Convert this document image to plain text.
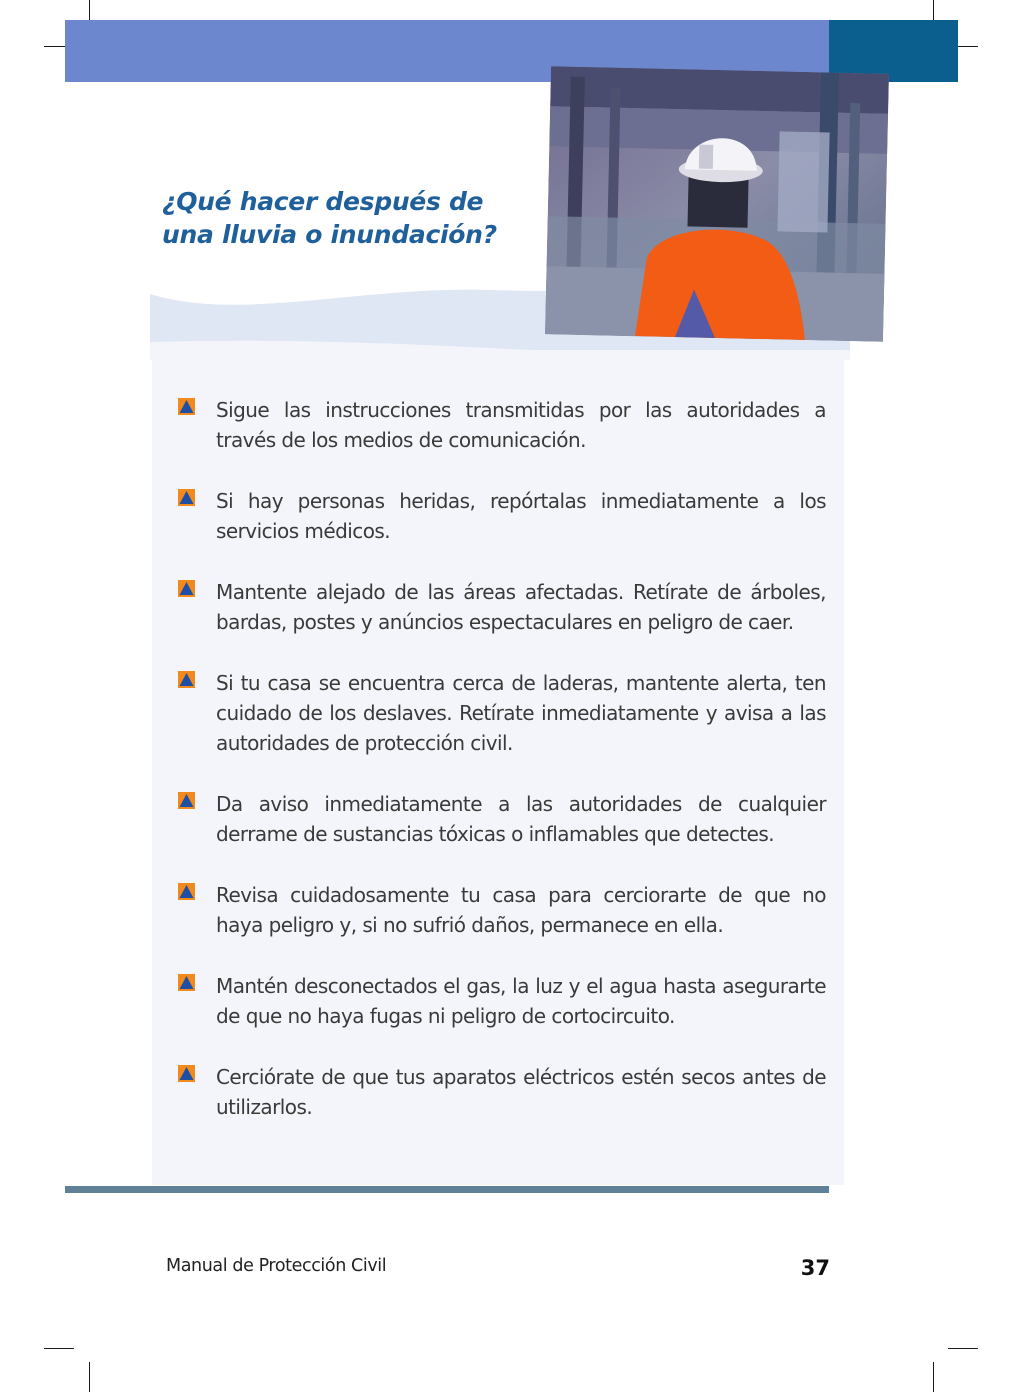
¿Qué hacer después de
una lluvia o inundación?
Sigue las instrucciones transmitidas por las autoridades a través de los medios de comunicación.
Si hay personas heridas, repórtalas inmediatamente a los servicios médicos.
Mantente alejado de las áreas afectadas. Retírate de árboles, bardas, postes y anúncios espectaculares en peligro de caer.
Si tu casa se encuentra cerca de laderas, mantente alerta, ten cuidado de los deslaves. Retírate inmediatamente y avisa a las autoridades de protección civil.
Da aviso inmediatamente a las autoridades de cualquier derrame de sustancias tóxicas o inflamables que detectes.
Revisa cuidadosamente tu casa para cerciorarte de que no haya peligro y, si no sufrió daños, permanece en ella.
Mantén desconectados el gas, la luz y el agua hasta asegurarte de que no haya fugas ni peligro de cortocircuito.
Cerciórate de que tus aparatos eléctricos estén secos antes de utilizarlos.
Manual de Protección Civil	37
